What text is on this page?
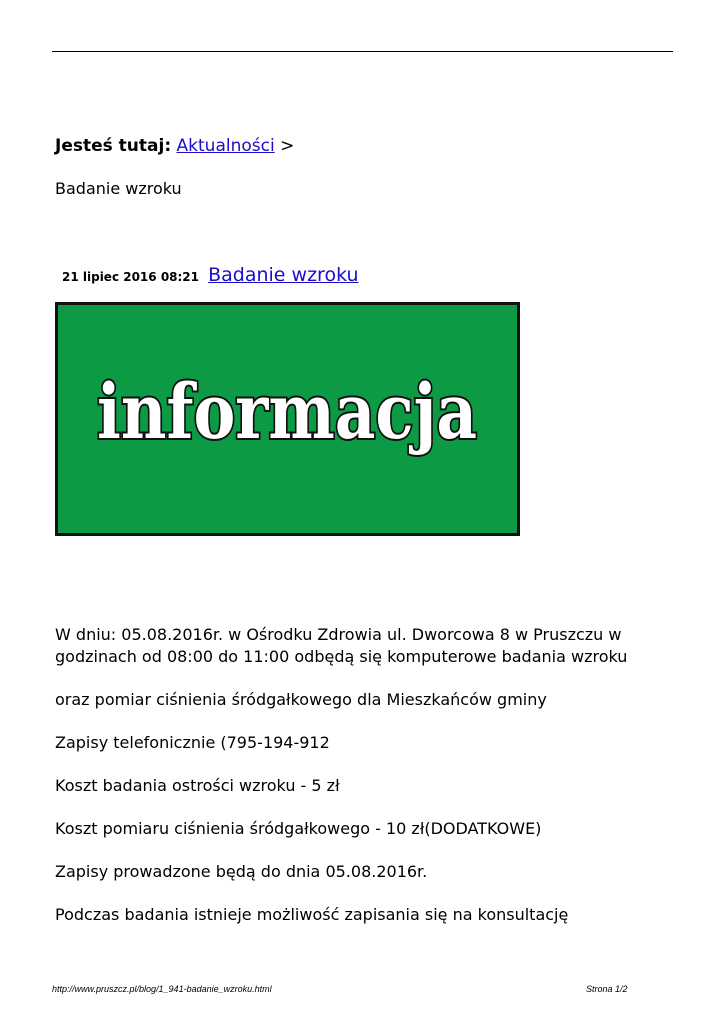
Jesteś tutaj: Aktualności >
Badanie wzroku
21 lipiec 2016 08:21 Badanie wzroku
informacja

W dniu: 05.08.2016r. w Ośrodku Zdrowia ul. Dworcowa 8 w Pruszczu w godzinach od 08:00 do 11:00 odbędą się komputerowe badania wzroku

oraz pomiar ciśnienia śródgałkowego dla Mieszkańców gminy

Zapisy telefonicznie (795-194-912

Koszt badania ostrości wzroku - 5 zł

Koszt pomiaru ciśnienia śródgałkowego - 10 zł(DODATKOWE)

Zapisy prowadzone będą do dnia 05.08.2016r.

Podczas badania istnieje możliwość zapisania się na konsultację

http://www.pruszcz.pl/blog/1_941-badanie_wzroku.html	Strona 1/2
